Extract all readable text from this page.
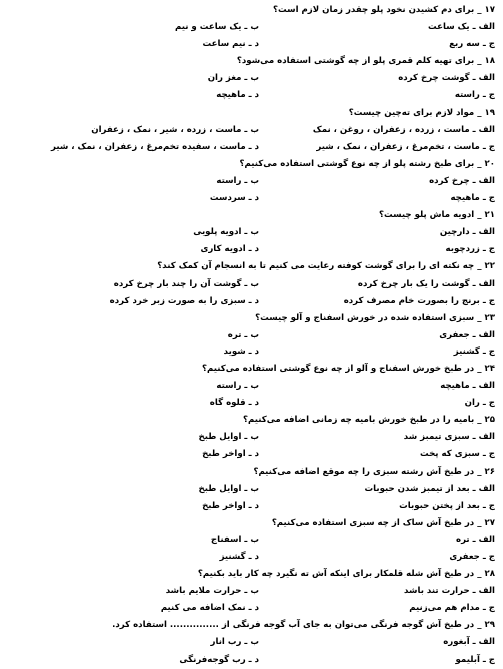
۱۷ _ برای دم کشیدن نخود پلو چقدر زمان لازم است؟
الف ـ یک ساعت
ب ـ یک ساعت و نیم
ج ـ سه ربع
د ـ نیم ساعت
۱۸ _ برای تهیه کلم قمری پلو از چه گوشتی استفاده می‌شود؟
الف ـ گوشت چرخ کرده
ب ـ مغز ران
ج ـ راسته
د ـ ماهیچه
۱۹ _ مواد لازم برای ته‌چین چیست؟
الف ـ ماست ، زرده ، زعفران ، روغن ، نمک
ب ـ ماست ، زرده ، شیر ، نمک ، زعفران
ج ـ ماست ، تخم‌مرغ ، زعفران ، نمک ، شیر
د ـ ماست ، سفیده تخم‌مرغ ، زعفران ، نمک ، شیر
۲۰ _ برای طبخ رشته پلو از چه نوع گوشتی استفاده می‌کنیم؟
الف ـ چرخ کرده
ب ـ راسته
ج ـ ماهیچه
د ـ سردست
۲۱ _ ادویه ماش پلو چیست؟
الف ـ دارچین
ب ـ ادویه پلویی
ج ـ زردچوبه
د ـ ادویه کاری
۲۲ _ چه نکته ای را برای گوشت کوفته رعایت می کنیم تا به انسجام آن کمک کند؟
الف ـ گوشت را یک بار چرخ کرده
ب ـ گوشت آن را چند بار چرخ کرده
ج ـ برنج را بصورت خام مصرف کرده
د ـ سبزی را به صورت زبر خرد کرده
۲۳ _ سبزی استفاده شده در خورش اسفناج و آلو چیست؟
الف ـ جعفری
ب ـ تره
ج ـ گشنیز
د ـ شوید
۲۴ _ در طبخ خورش اسفناج و آلو از چه نوع گوشتی استفاده می‌کنیم؟
الف ـ ماهیچه
ب ـ راسته
ج ـ ران
د ـ قلوه گاه
۲۵ _ بامیه را در طبخ خورش بامیه چه زمانی اضافه می‌کنیم؟
الف ـ سبزی تیمبز شد
ب ـ اوایل طبخ
ج ـ سبزی که پخت
د ـ اواخر طبخ
۲۶ _ در طبخ آش رشته سبزی را چه موقع اضافه می‌کنیم؟
الف ـ بعد از تیمبز شدن حبوبات
ب ـ اوایل طبخ
ج ـ بعد از پختن حبوبات
د ـ اواخر طبخ
۲۷ _ در طبخ آش ساک از چه سبزی استفاده می‌کنیم؟
الف ـ تره
ب ـ اسفناج
ج ـ جعفری
د ـ گشنیز
۲۸ _ در طبخ آش شله قلمکار برای اینکه آش ته نگیرد چه کار باید بکنیم؟
الف ـ حرارت تند باشد
ب ـ حرارت ملایم باشد
ج ـ مدام هم می‌زنیم
د ـ نمک اضافه می کنیم
۲۹ _ در طبخ آش گوجه فرنگی می‌توان به جای آب گوجه فرنگی از ............... استفاده کرد.
الف ـ آبغوره
ب ـ رب انار
ج ـ آبلیمو
د ـ رب گوجه‌فرنگی
